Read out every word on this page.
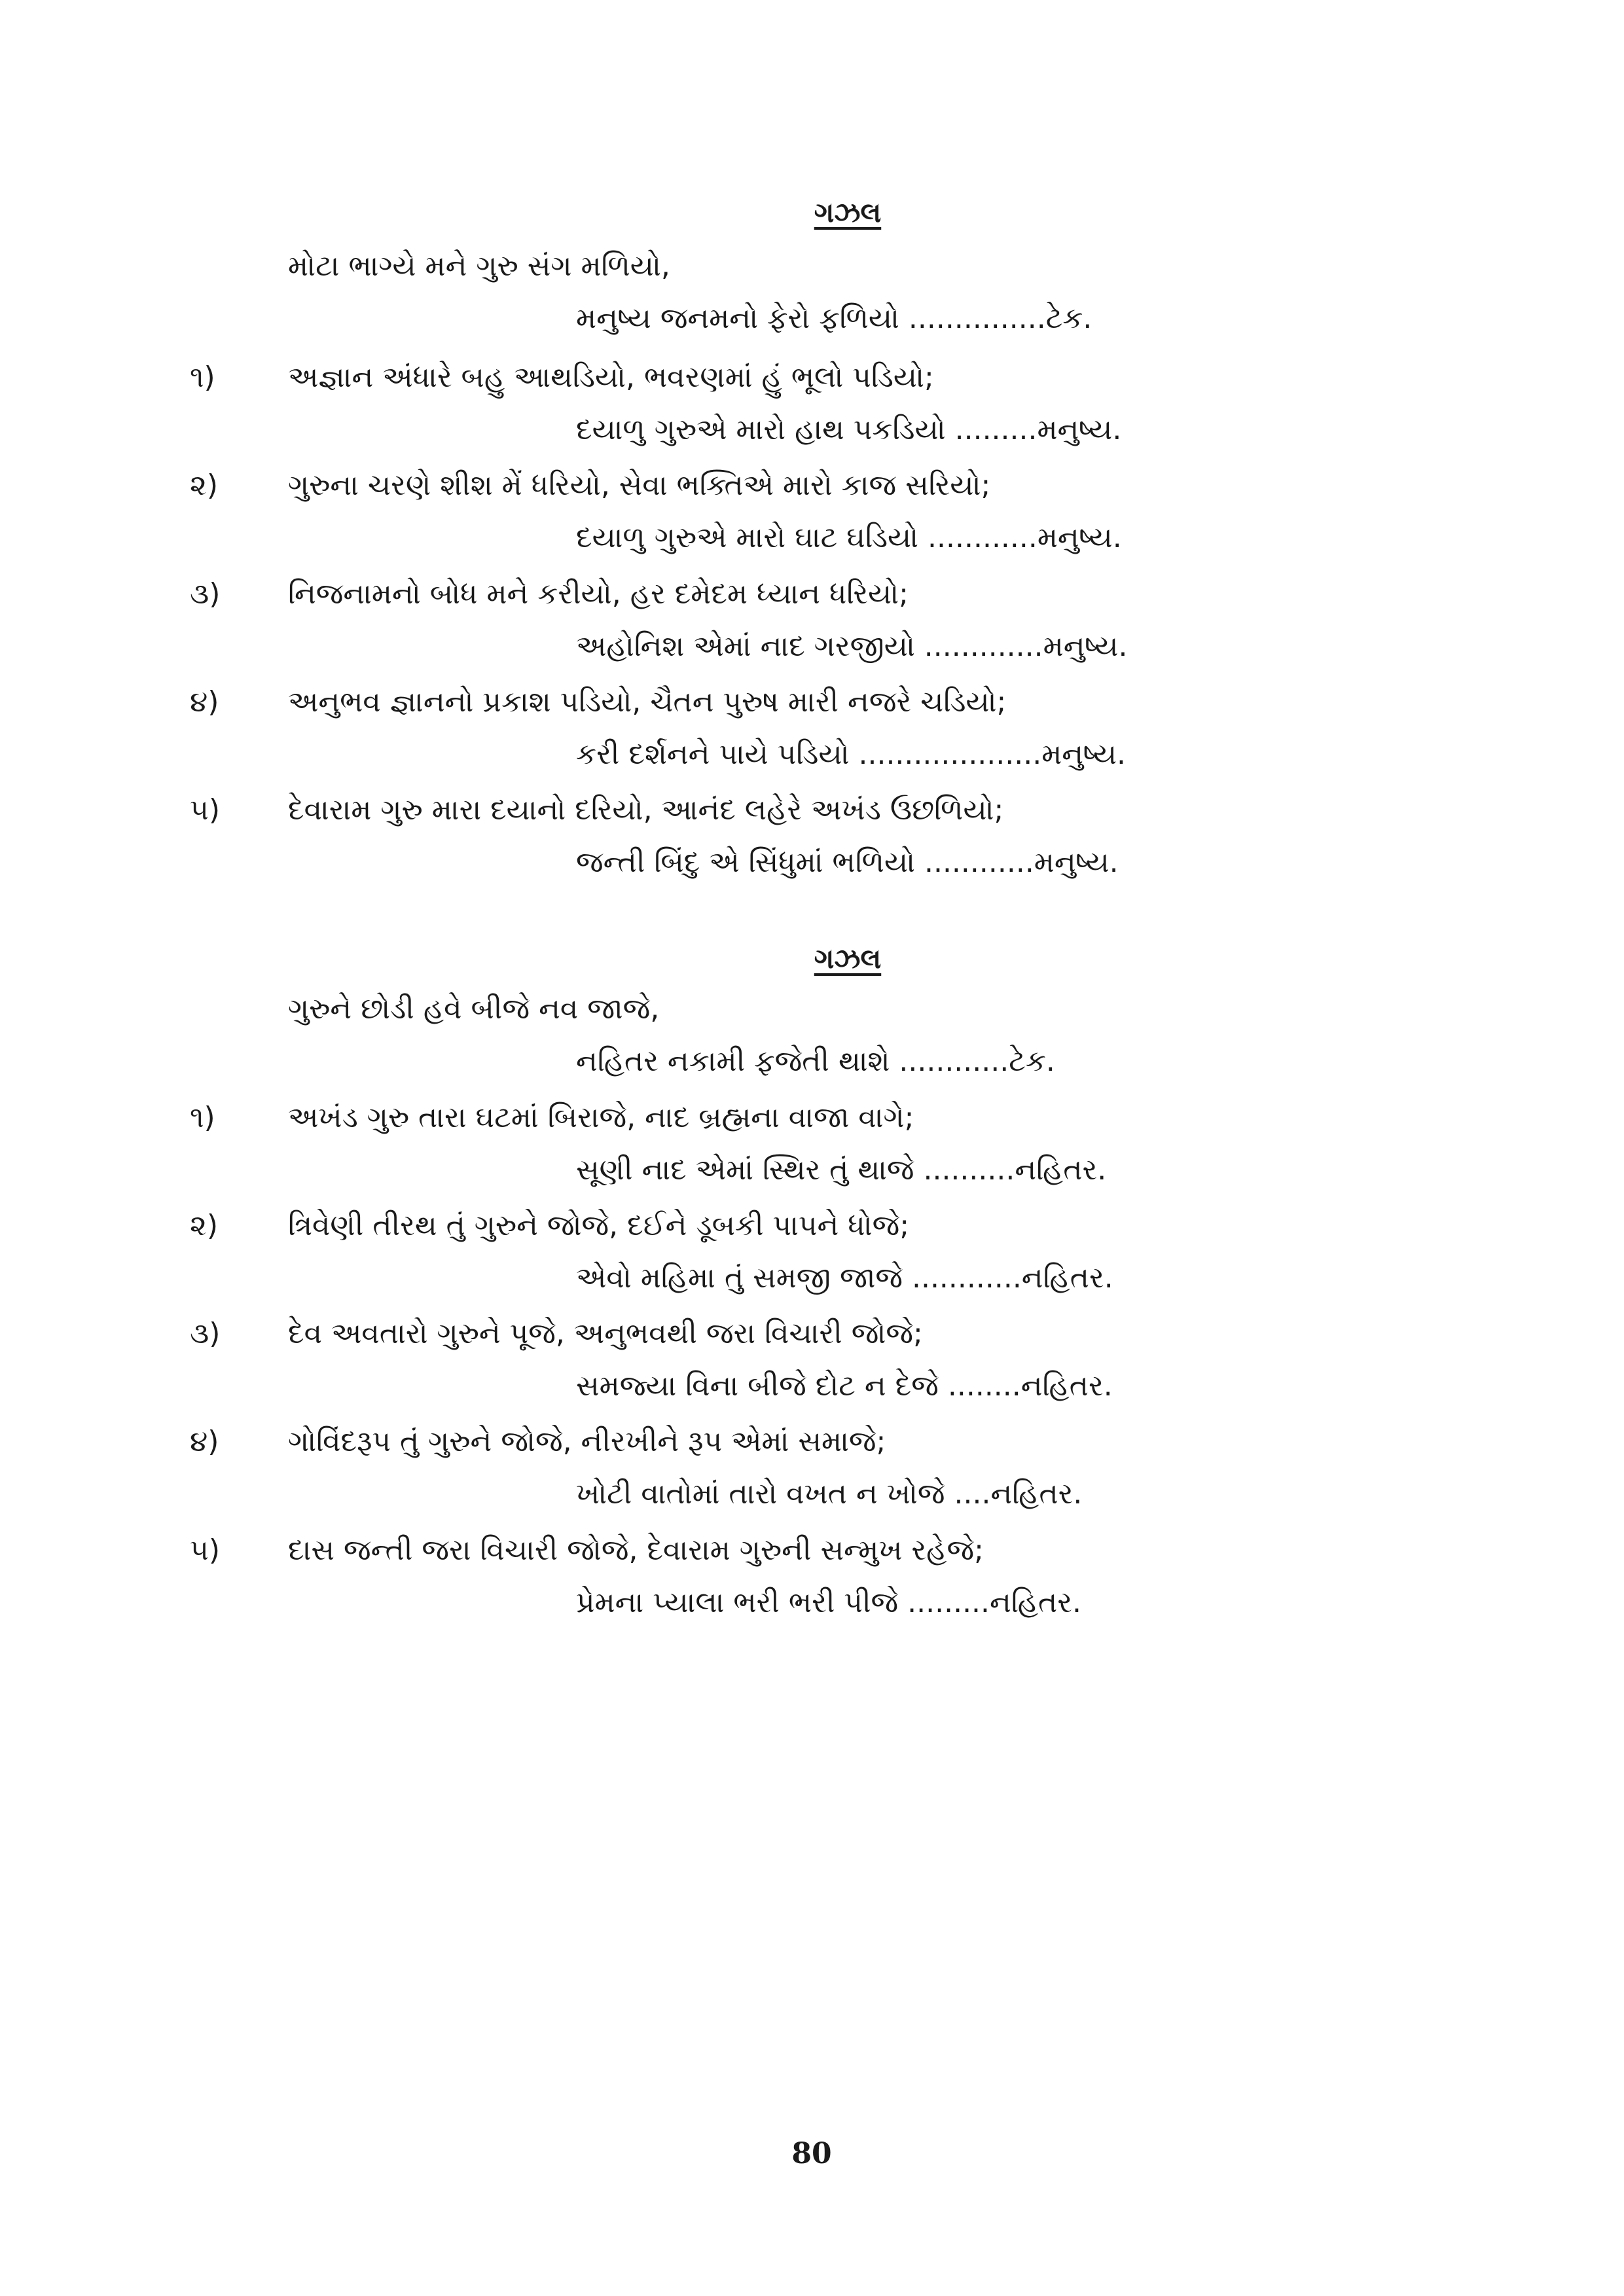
ગઝલ
મોટા ભાગ્યે મને ગુરુ સંગ મળિયો,
મનુષ્ય જનમનો ફેરો ફળિયો ...............ટેક.
૧)	અજ્ઞાન અંધારે બહુ આથડિયો, ભવરણમાં હું ભૂલો પડિયો;
દયાળુ ગુરુએ મારો હાથ પકડિયો .........મનુષ્ય.
૨) ગુરુના ચરણે શીશ મેં ધરિયો, સેવા ભક્તિએ મારો કાજ સરિયો;
દયાળુ ગુરુએ મારો ઘાટ ઘડિયો ............મનુષ્ય.
૩) નિજનામનો બોધ મને કરીયો, હર દમેદમ ધ્યાન ધરિયો;
અહોનિશ એમાં નાદ ગરજીયો .............મનુષ્ય.
૪) અનુભવ જ્ઞાનનો પ્રકાશ પડિયો, ચૈતન પુરુષ મારી નજરે ચડિયો;
કરી દર્શનને પાયે પડિયો ....................મનુષ્ય.
૫) દેવારામ ગુરુ મારા દયાનો દરિયો, આનંદ લહેરે અખંડ ઉછળિયો;
જન્તી બિંદુ એ સિંધુમાં ભળિયો ............મનુષ્ય.
ગઝલ
ગુરુને છોડી હવે બીજે નવ જાજે,
નહિતર નકામી ફજેતી થાશે ............ટેક.
૧)	અખંડ ગુરુ તારા ઘટમાં બિરાજે, નાદ બ્રહ્મના વાજા વાગે;
સૂણી નાદ એમાં સ્થિર તું થાજે ..........નહિતર.
૨) ત્રિવેણી તીરથ તું ગુરુને જોજે, દઈને ડૂબકી પાપને ધોજે;
એવો મહિમા તું સમજી જાજે ............નહિતર.
૩) દેવ અવતારો ગુરુને પૂજે, અનુભવથી જરા વિચારી જોજે;
સમજ્યા વિના બીજે દોટ ન દેજે ........નહિતર.
૪) ગોવિંદરૂપ તું ગુરુને જોજે, નીરખીને રૂપ એમાં સમાજે;
ખોટી વાતોમાં તારો વખત ન ખોજે ....નહિતર.
૫) દાસ જન્તી જરા વિચારી જોજે, દેવારામ ગુરુની સન્મુખ રહેજે;
પ્રેમના પ્યાલા ભરી ભરી પીજે .........નહિતર.
80
